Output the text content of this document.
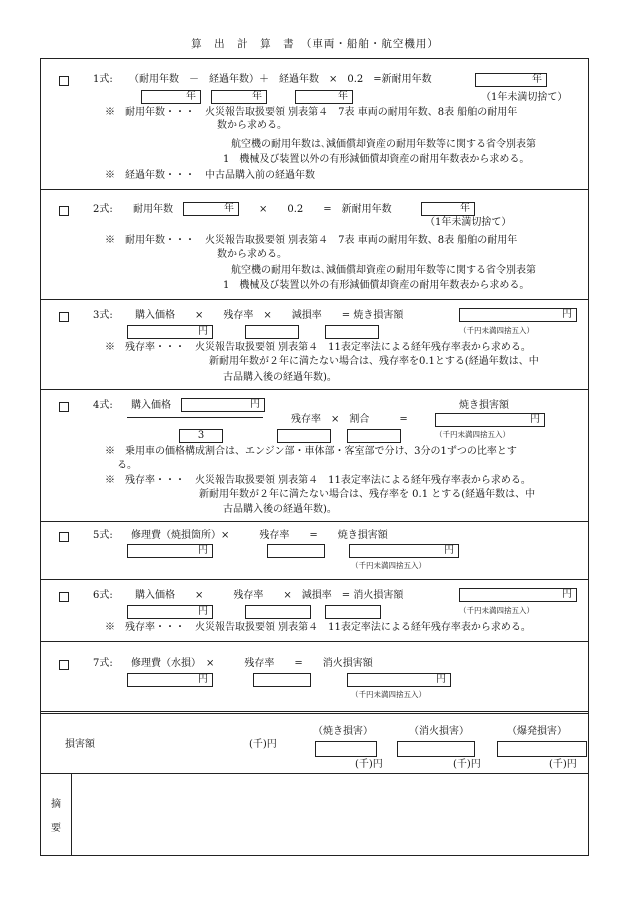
算　出　計　算　書　（車両・船舶・航空機用）
1式: （耐用年数　－　経過年数）＋　経過年数　×　0.2　=新耐用年数	年
年	年	年	（1年未満切捨て）
※　耐用年数・・・　火災報告取扱要領 別表第４　7表 車両の耐用年数、8表 船舶の耐用年
数から求める。
航空機の耐用年数は､減価償却資産の耐用年数等に関する省令別表第
1　機械及び装置以外の有形減価償却資産の耐用年数表から求める。
※　経過年数・・・　中古品購入前の経過年数
2式: 耐用年数	年	×　　0.2　　=　新耐用年数	年
（1年未満切捨て）
※　耐用年数・・・　火災報告取扱要領 別表第４　7表 車両の耐用年数、8表 船舶の耐用年
数から求める。
航空機の耐用年数は､減価償却資産の耐用年数等に関する省令別表第
1　機械及び装置以外の有形減価償却資産の耐用年数表から求める。
3式: 購入価格　　×　　残存率　×　　減損率　　= 焼き損害額	円
円	（千円未満四捨五入）
※　残存率・・・　火災報告取扱要領 別表第４　11表定率法による経年残存率表から求める。
新耐用年数が２年に満たない場合は、残存率を0.1とする(経過年数は、中
古品購入後の経過年数)。
4式: 購入価格	円	焼き損害額
残存率　×　割合　　　=	円
3	（千円未満四捨五入）
※　乗用車の価格構成割合は、エンジン部・車体部・客室部で分け、3分の1ずつの比率とす
る。
※　残存率・・・　火災報告取扱要領 別表第４　11表定率法による経年残存率表から求める。
新耐用年数が２年に満たない場合は、残存率を 0.1 とする(経過年数は、中
古品購入後の経過年数)。
5式: 修理費（焼損箇所）×　　　残存率　　=　　焼き損害額
円	円
（千円未満四捨五入）
6式: 購入価格　　×　　　残存率　　×　減損率　= 消火損害額	円
円	（千円未満四捨五入）
※　残存率・・・　火災報告取扱要領 別表第４　11表定率法による経年残存率表から求める。
7式: 修理費（水損）　×　　　残存率　　=　　消火損害額
円	円
（千円未満四捨五入）
損害額	(千)円
（焼き損害）	（消火損害）	（爆発損害）
(千)円	(千)円	(千)円
摘
要
